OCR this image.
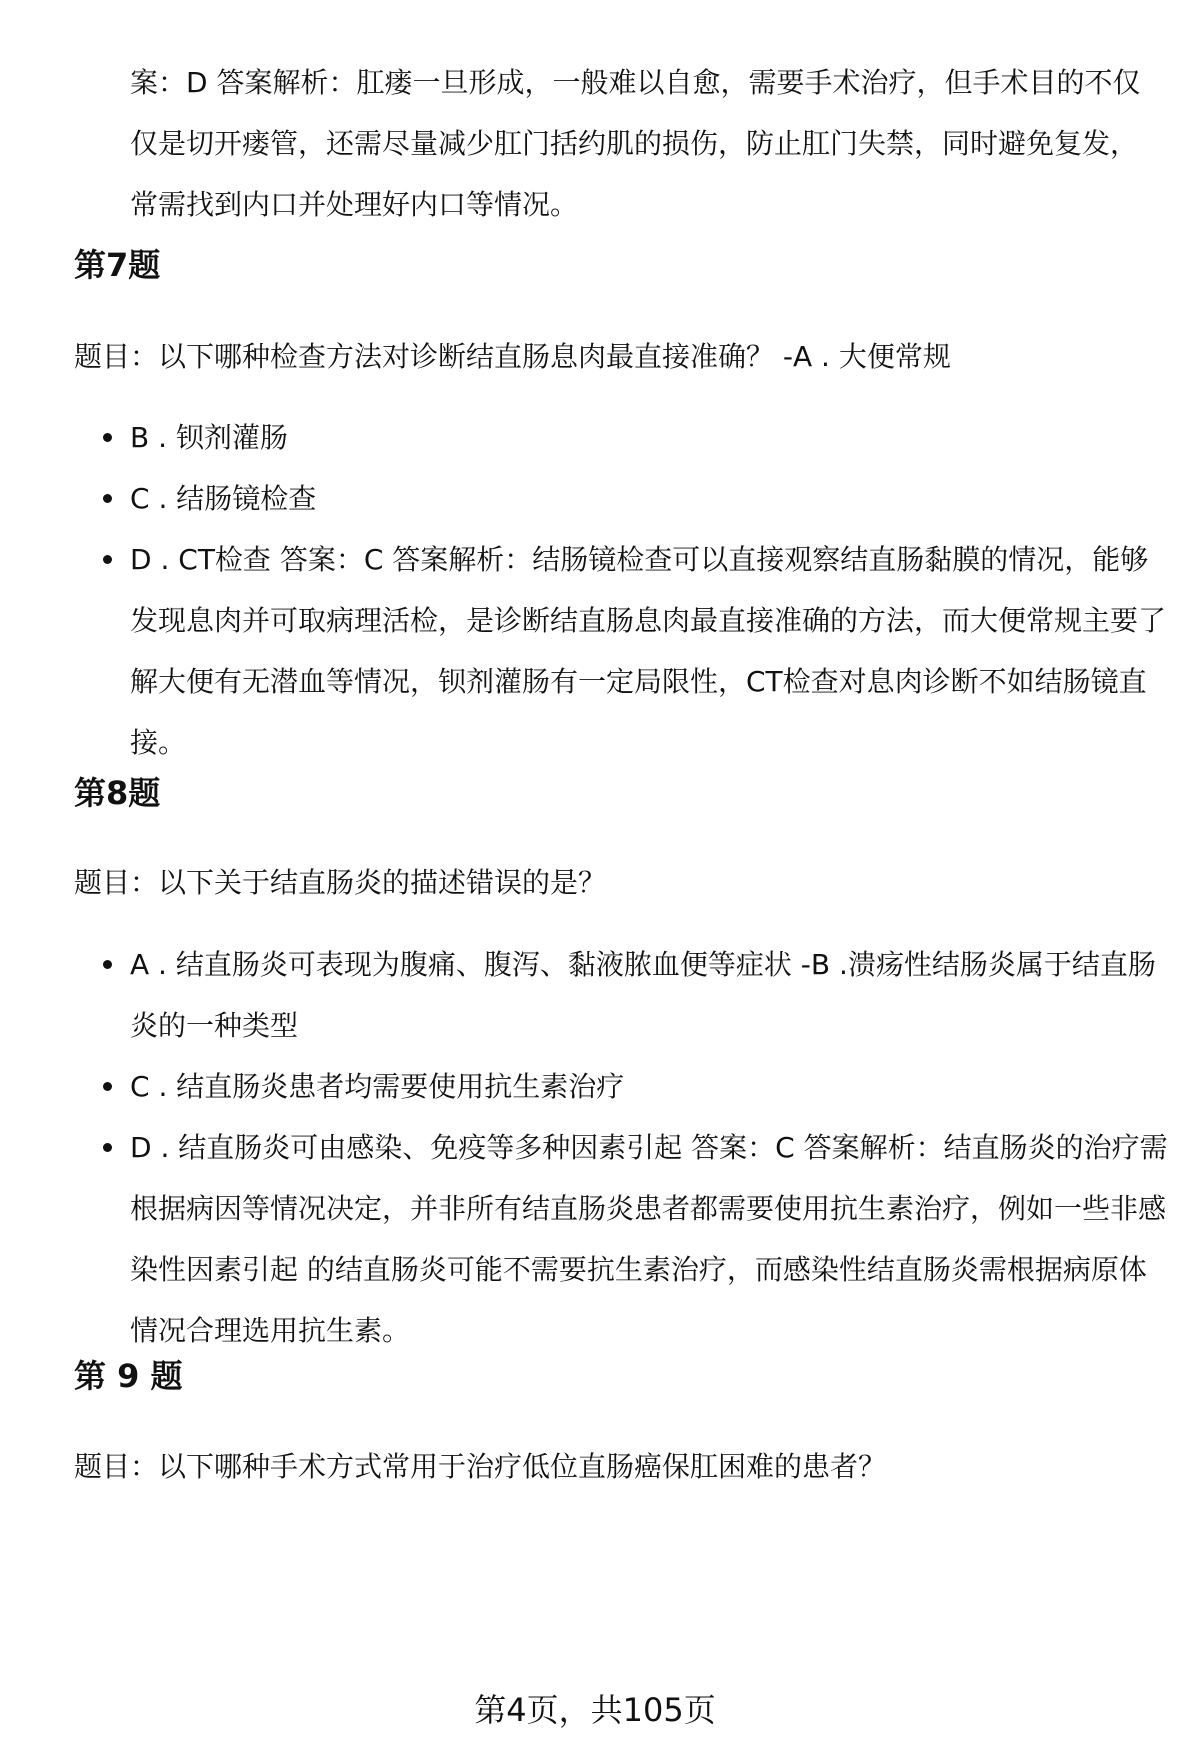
案：D 答案解析：肛瘘一旦形成，一般难以自愈，需要手术治疗，但手术目的不仅仅是切开瘘管，还需尽量减少肛门括约肌的损伤，防止肛门失禁，同时避免复发，常需找到内口并处理好内口等情况。

第7题

题目：以下哪种检查方法对诊断结直肠息肉最直接准确？ -A . 大便常规

B . 钡剂灌肠
C . 结肠镜检查
D . CT检查 答案：C 答案解析：结肠镜检查可以直接观察结直肠黏膜的情况，能够发现息肉并可取病理活检，是诊断结直肠息肉最直接准确的方法，而大便常规主要了解大便有无潜血等情况，钡剂灌肠有一定局限性，CT检查对息肉诊断不如结肠镜直接。
第8题

题目：以下关于结直肠炎的描述错误的是？

A . 结直肠炎可表现为腹痛、腹泻、黏液脓血便等症状 -B .溃疡性结肠炎属于结直肠炎的一种类型
C . 结直肠炎患者均需要使用抗生素治疗
D . 结直肠炎可由感染、免疫等多种因素引起 答案：C 答案解析：结直肠炎的治疗需根据病因等情况决定，并非所有结直肠炎患者都需要使用抗生素治疗，例如一些非感染性因素引起 的结直肠炎可能不需要抗生素治疗，而感染性结直肠炎需根据病原体情况合理选用抗生素。
第 9 题

题目：以下哪种手术方式常用于治疗低位直肠癌保肛困难的患者？

第4页，共105页
